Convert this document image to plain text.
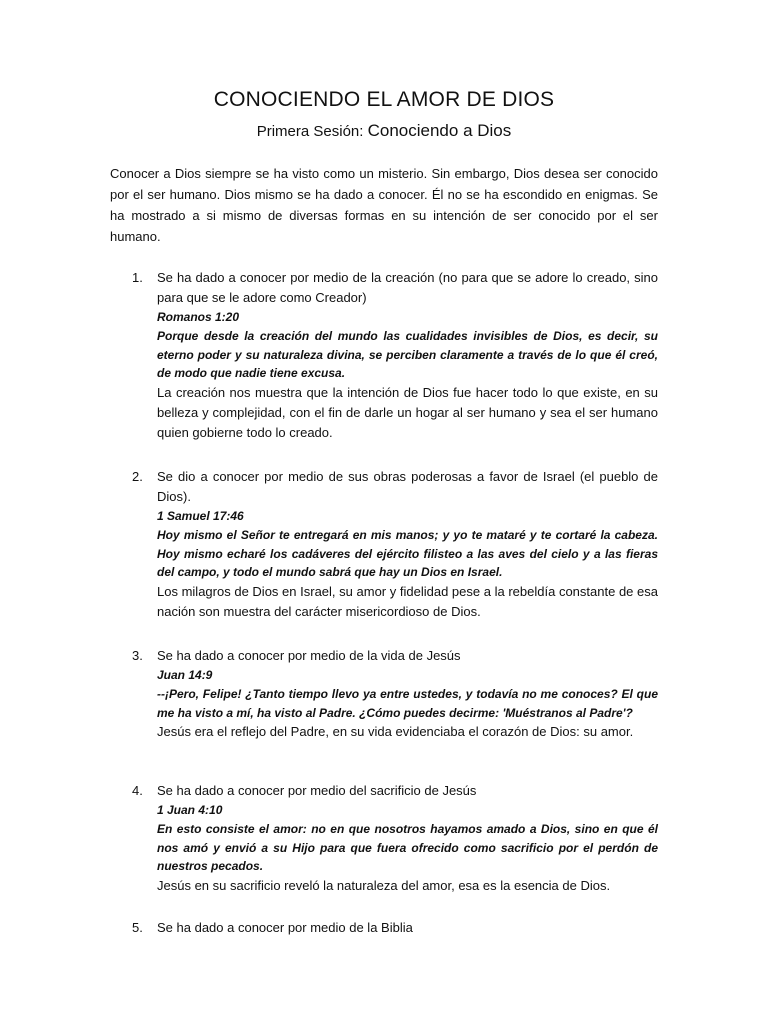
CONOCIENDO EL AMOR DE DIOS
Primera Sesión: Conociendo a Dios

Conocer a Dios siempre se ha visto como un misterio. Sin embargo, Dios desea ser conocido por el ser humano. Dios mismo se ha dado a conocer. Él no se ha escondido en enigmas. Se ha mostrado a si mismo de diversas formas en su intención de ser conocido por el ser humano.

1. Se ha dado a conocer por medio de la creación (no para que se adore lo creado, sino para que se le adore como Creador)
Romanos 1:20
Porque desde la creación del mundo las cualidades invisibles de Dios, es decir, su eterno poder y su naturaleza divina, se perciben claramente a través de lo que él creó, de modo que nadie tiene excusa.
La creación nos muestra que la intención de Dios fue hacer todo lo que existe, en su belleza y complejidad, con el fin de darle un hogar al ser humano y sea el ser humano quien gobierne todo lo creado.
2. Se dio a conocer por medio de sus obras poderosas a favor de Israel (el pueblo de Dios).
1 Samuel 17:46
Hoy mismo el Señor te entregará en mis manos; y yo te mataré y te cortaré la cabeza. Hoy mismo echaré los cadáveres del ejército filisteo a las aves del cielo y a las fieras del campo, y todo el mundo sabrá que hay un Dios en Israel.
Los milagros de Dios en Israel, su amor y fidelidad pese a la rebeldía constante de esa nación son muestra del carácter misericordioso de Dios.
3. Se ha dado a conocer por medio de la vida de Jesús
Juan 14:9
--¡Pero, Felipe! ¿Tanto tiempo llevo ya entre ustedes, y todavía no me conoces? El que me ha visto a mí, ha visto al Padre. ¿Cómo puedes decirme: 'Muéstranos al Padre'?
Jesús era el reflejo del Padre, en su vida evidenciaba el corazón de Dios: su amor.
4. Se ha dado a conocer por medio del sacrificio de Jesús
1 Juan 4:10
En esto consiste el amor: no en que nosotros hayamos amado a Dios, sino en que él nos amó y envió a su Hijo para que fuera ofrecido como sacrificio por el perdón de nuestros pecados.
Jesús en su sacrificio reveló la naturaleza del amor, esa es la esencia de Dios.
5. Se ha dado a conocer por medio de la Biblia
